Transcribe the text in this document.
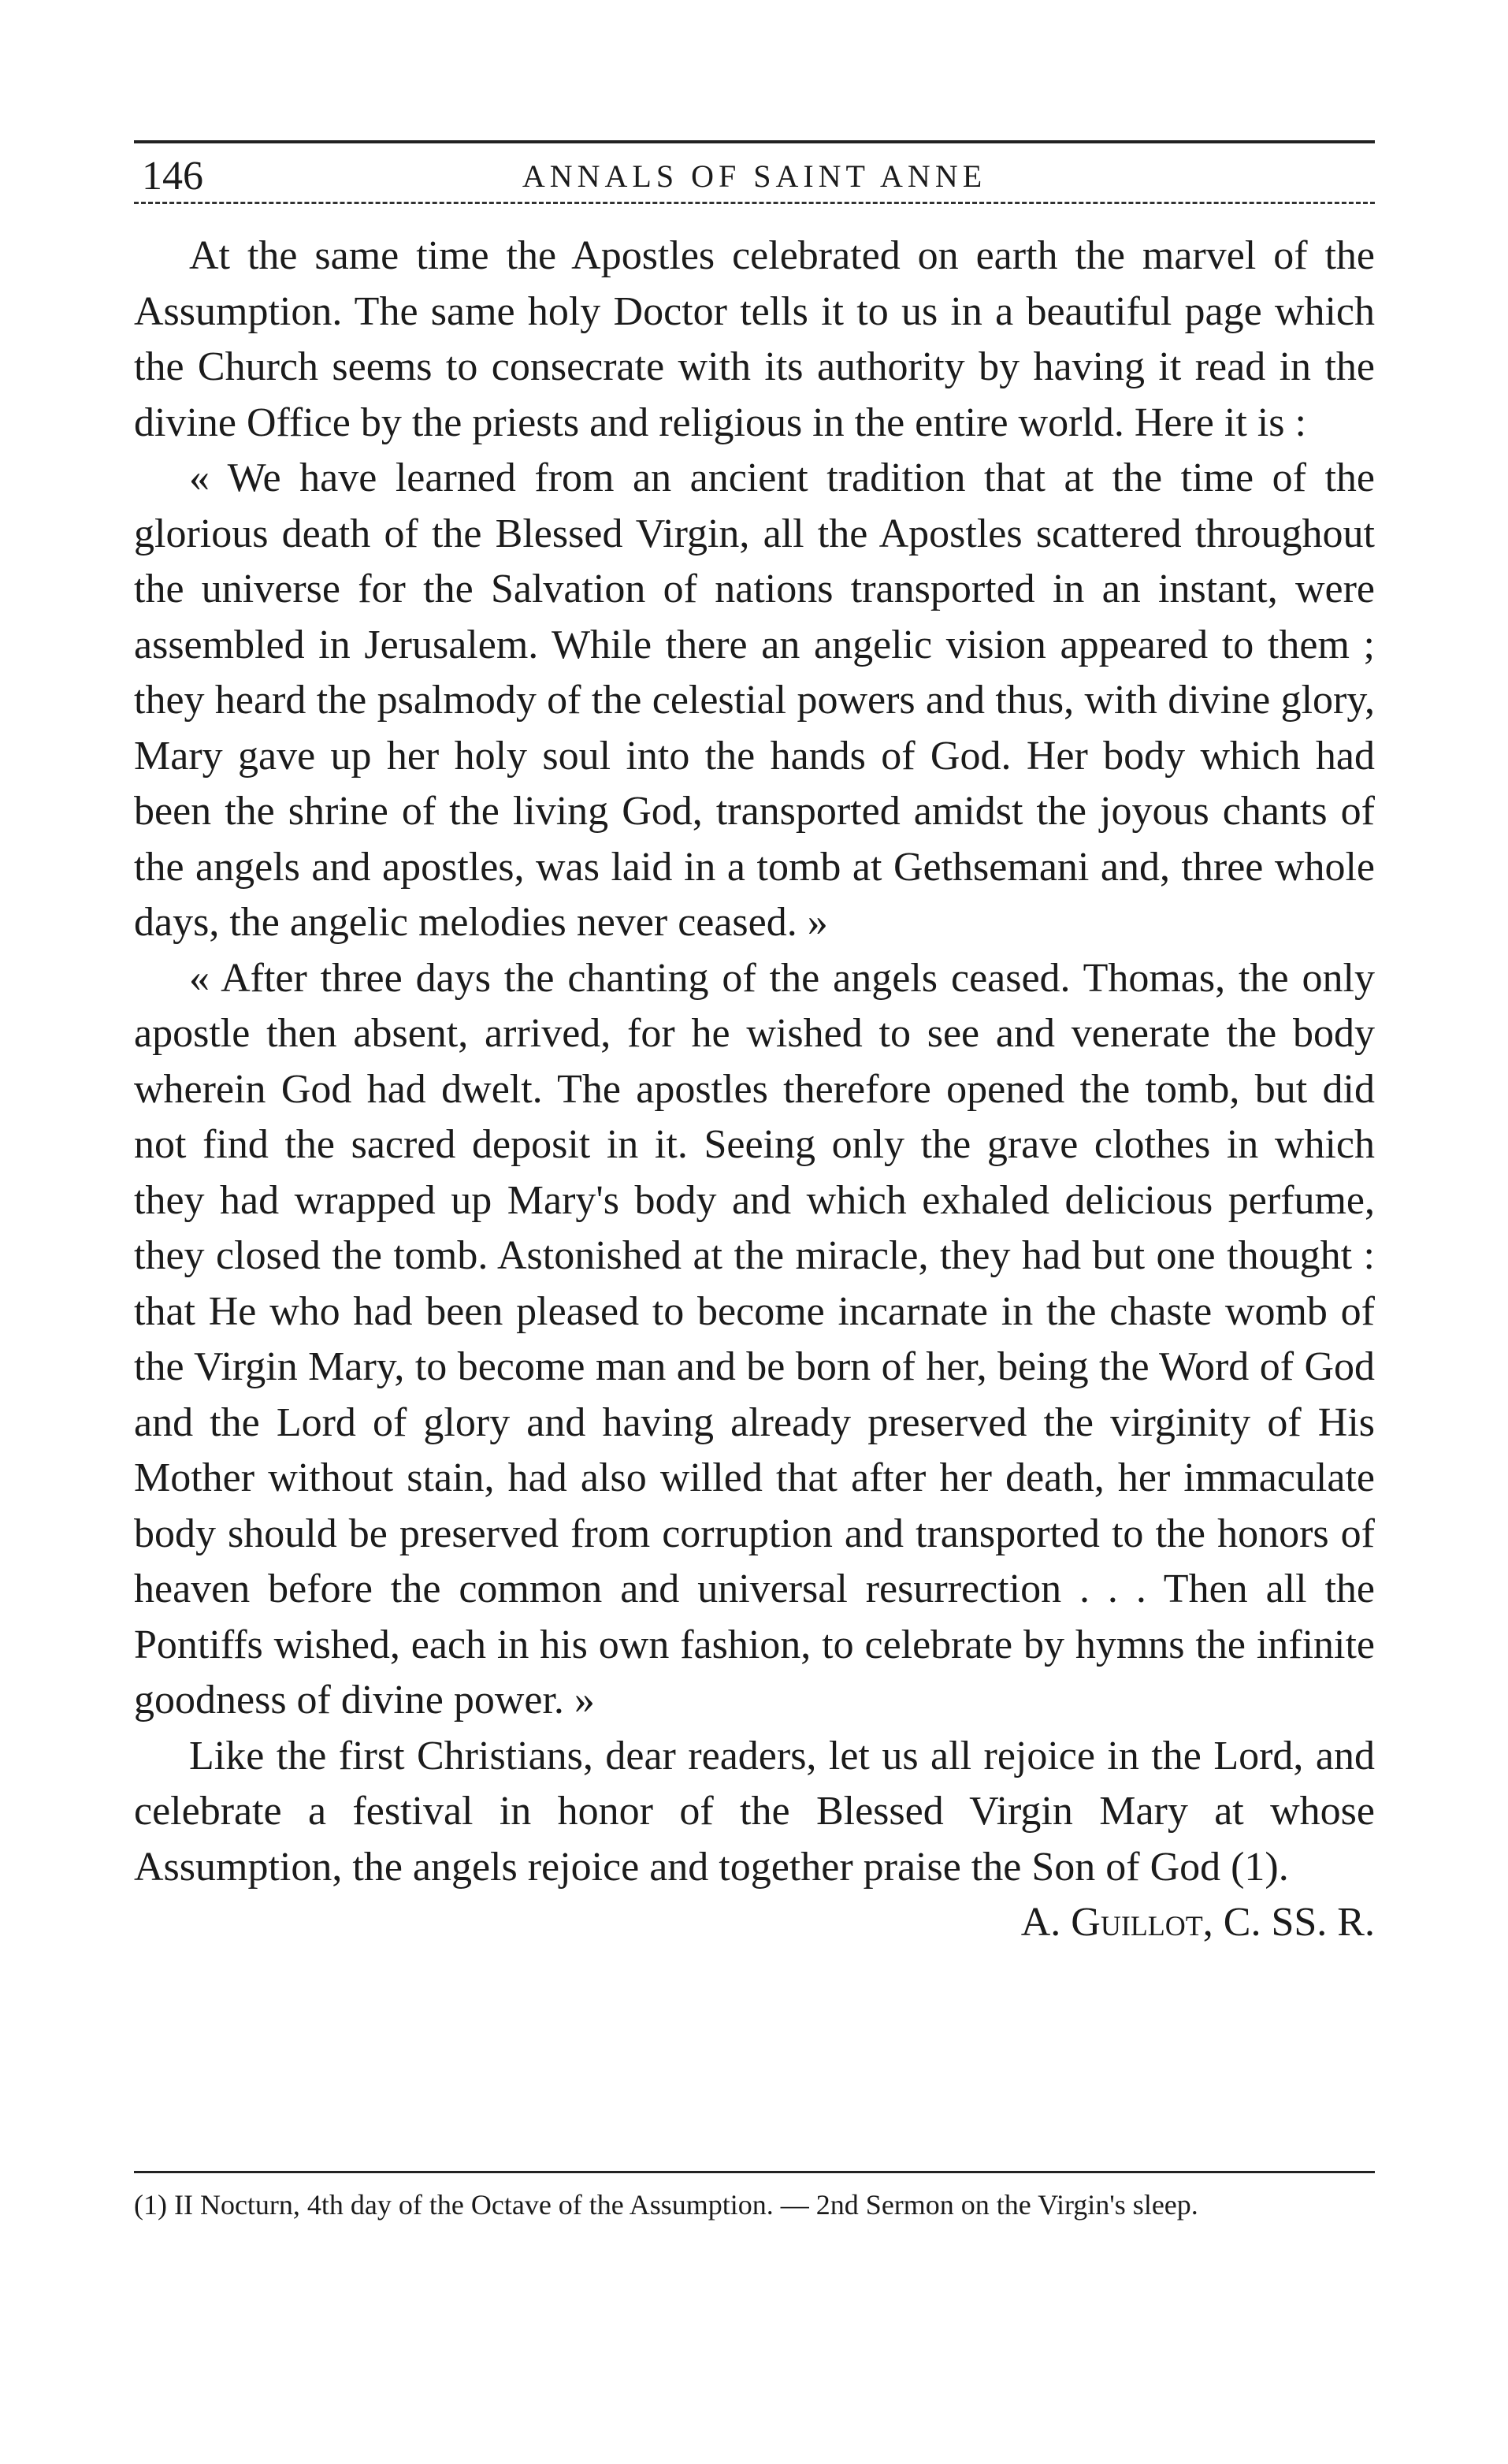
146	ANNALS OF SAINT ANNE

At the same time the Apostles celebrated on earth the marvel of the Assumption. The same holy Doctor tells it to us in a beautiful page which the Church seems to consecrate with its authority by having it read in the divine Office by the priests and religious in the entire world. Here it is :

« We have learned from an ancient tradition that at the time of the glorious death of the Blessed Virgin, all the Apostles scattered throughout the universe for the Salvation of nations transported in an instant, were assembled in Jerusalem. While there an angelic vision appeared to them ; they heard the psalmody of the celestial powers and thus, with divine glory, Mary gave up her holy soul into the hands of God. Her body which had been the shrine of the living God, transported amidst the joyous chants of the angels and apostles, was laid in a tomb at Gethsemani and, three whole days, the angelic melodies never ceased. »

« After three days the chanting of the angels ceased. Thomas, the only apostle then absent, arrived, for he wished to see and venerate the body wherein God had dwelt. The apostles therefore opened the tomb, but did not find the sacred deposit in it. Seeing only the grave clothes in which they had wrapped up Mary's body and which exhaled delicious perfume, they closed the tomb. Astonished at the miracle, they had but one thought : that He who had been pleased to become incarnate in the chaste womb of the Virgin Mary, to become man and be born of her, being the Word of God and the Lord of glory and having already preserved the virginity of His Mother without stain, had also willed that after her death, her immaculate body should be preserved from corruption and transported to the honors of heaven before the common and universal resurrection . . . Then all the Pontiffs wished, each in his own fashion, to celebrate by hymns the infinite goodness of divine power. »

Like the first Christians, dear readers, let us all rejoice in the Lord, and celebrate a festival in honor of the Blessed Virgin Mary at whose Assumption, the angels rejoice and together praise the Son of God (1).
A. Guillot, C. SS. R.

(1) II Nocturn, 4th day of the Octave of the Assumption. — 2nd Sermon on the Virgin's sleep.
